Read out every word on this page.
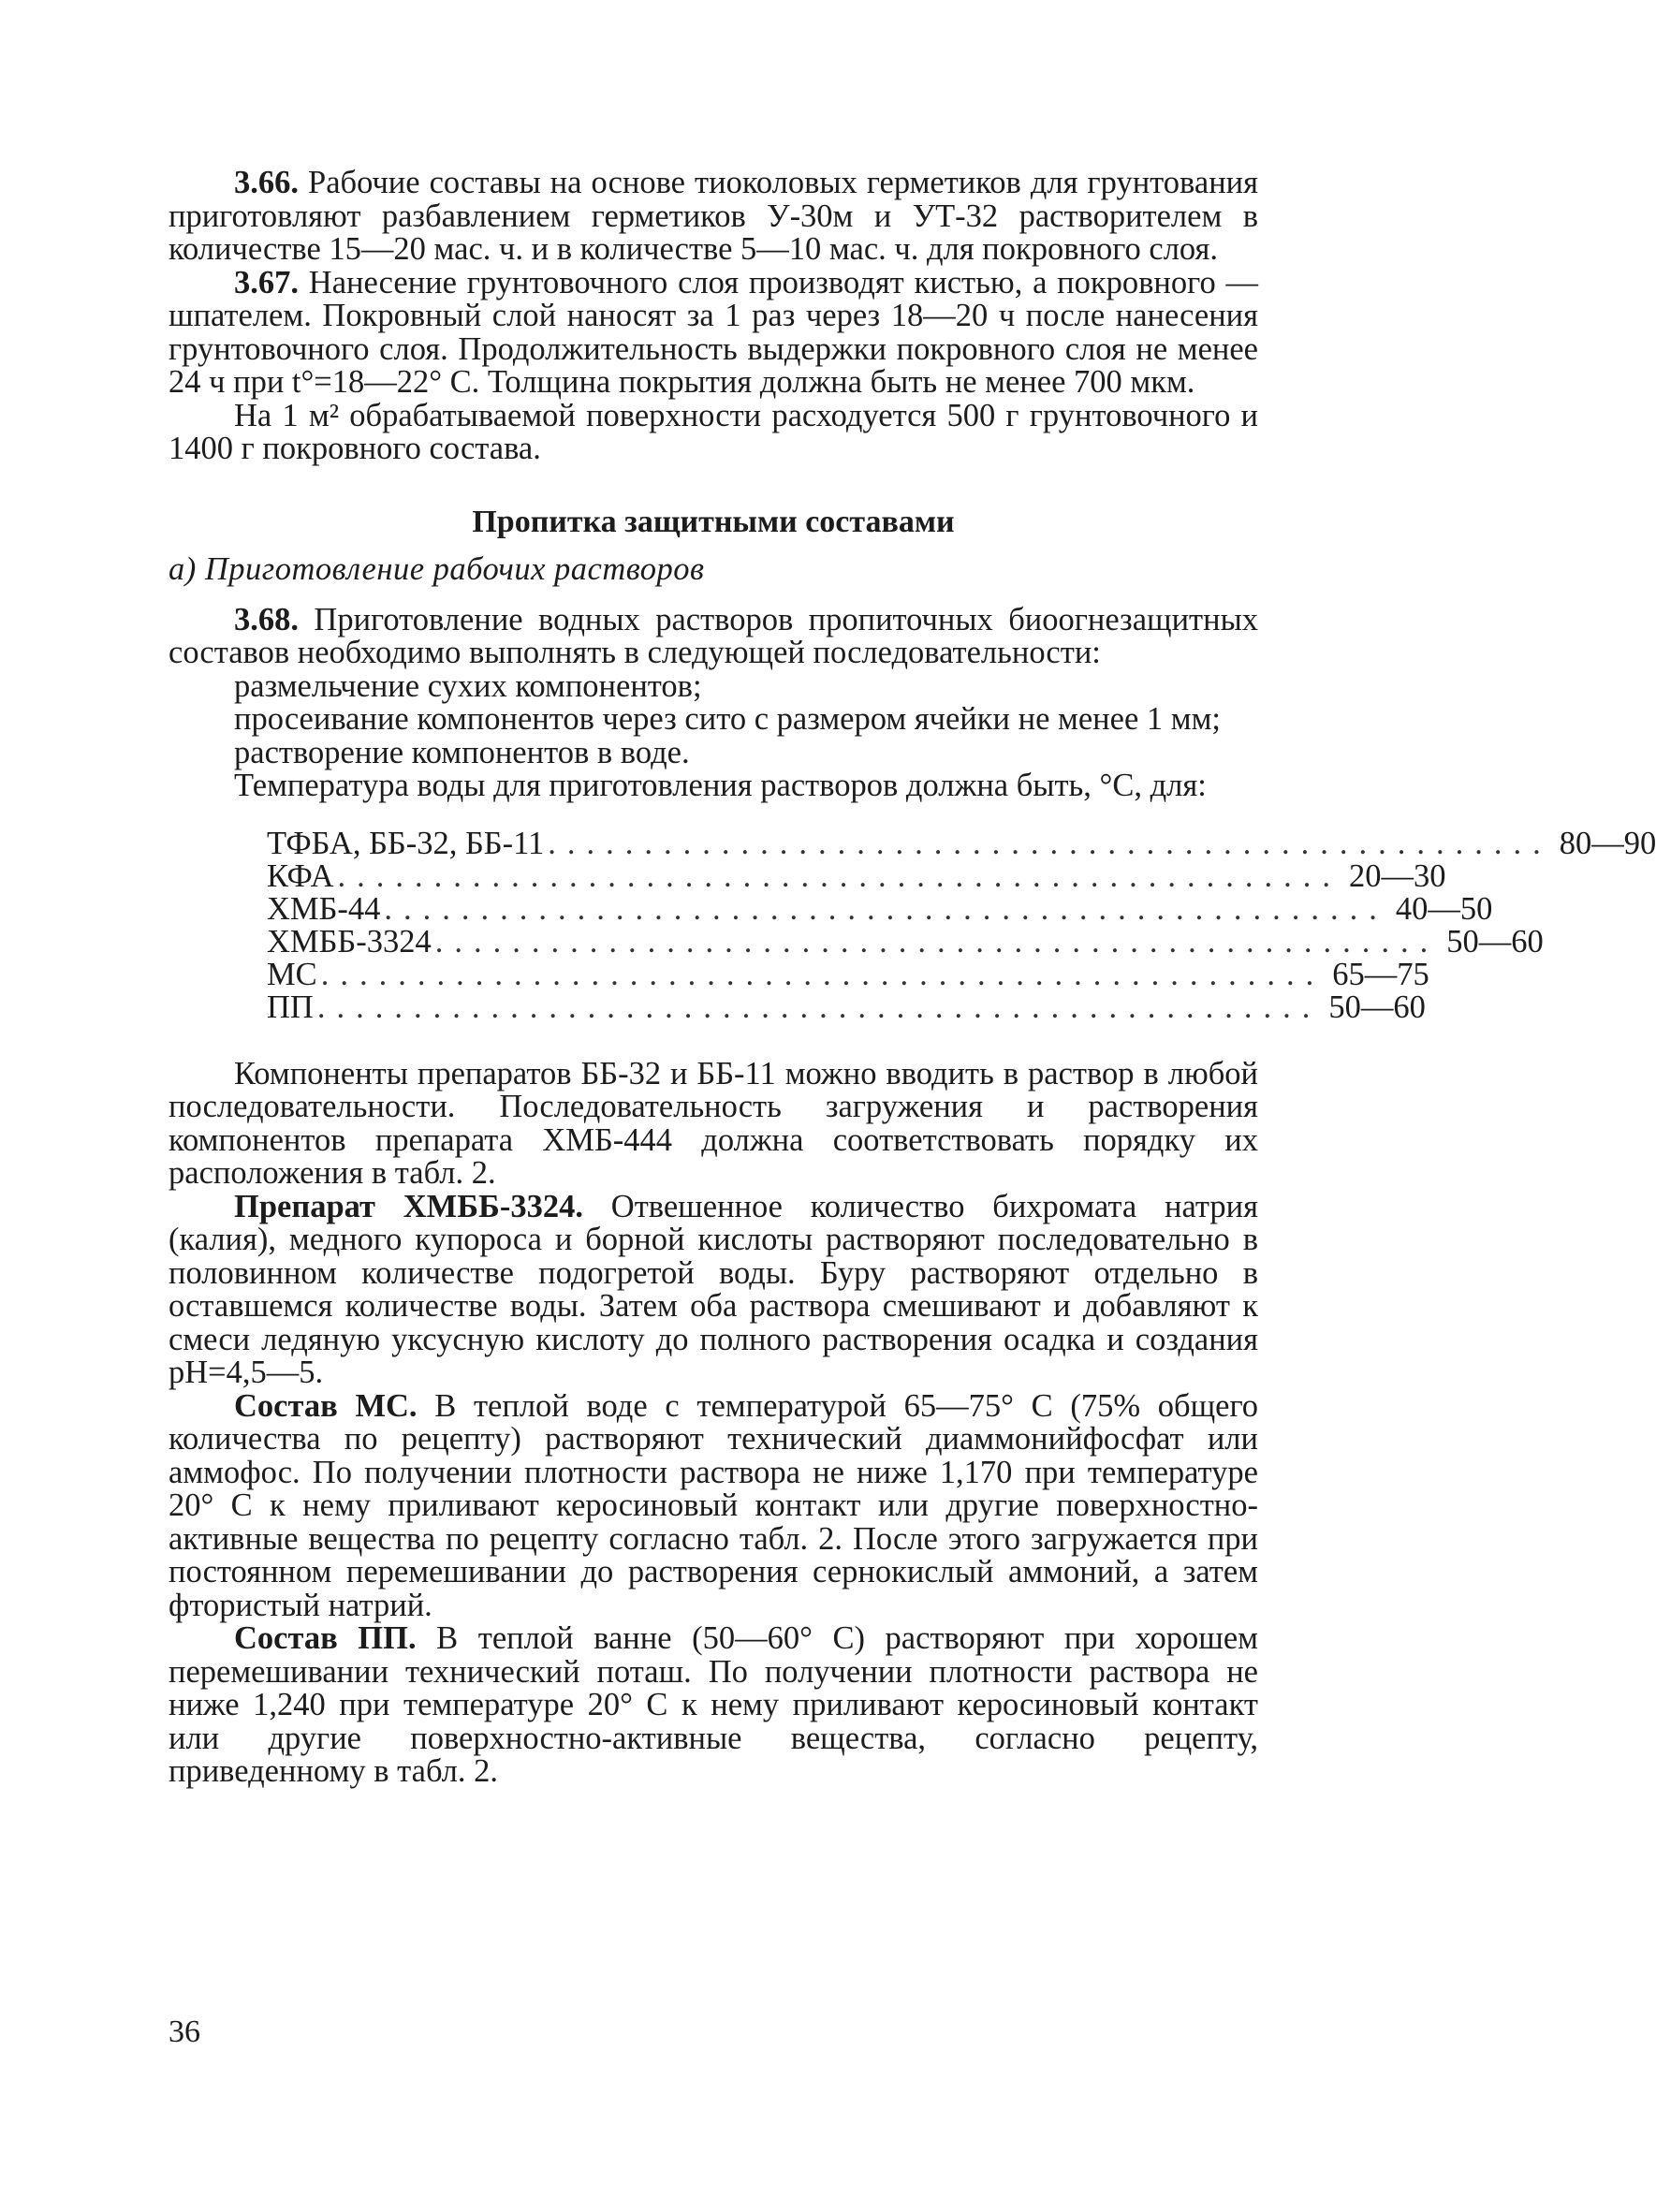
3.66. Рабочие составы на основе тиоколовых герметиков для грунтования приготовляют разбавлением герметиков У-30м и УТ-32 растворителем в количестве 15—20 мас. ч. и в количестве 5—10 мас. ч. для покровного слоя.

3.67. Нанесение грунтовочного слоя производят кистью, а покровного — шпателем. Покровный слой наносят за 1 раз через 18—20 ч после нанесения грунтовочного слоя. Продолжительность выдержки покровного слоя не менее 24 ч при t°=18—22° C. Толщина покрытия должна быть не менее 700 мкм.

На 1 м² обрабатываемой поверхности расходуется 500 г грунтовочного и 1400 г покровного состава.

Пропитка защитными составами

а) Приготовление рабочих растворов

3.68. Приготовление водных растворов пропиточных биоогнезащитных составов необходимо выполнять в следующей последовательности:

размельчение сухих компонентов;

просеивание компонентов через сито с размером ячейки не менее 1 мм;

растворение компонентов в воде.

Температура воды для приготовления растворов должна быть, °С, для:

ТФБА, ББ-32, ББ-11 .................................................... 80—90
КФА .................................................... 20—30
ХМБ-44 .................................................... 40—50
ХМББ-3324 .................................................... 50—60
МС .................................................... 65—75
ПП .................................................... 50—60

Компоненты препаратов ББ-32 и ББ-11 можно вводить в раствор в любой последовательности. Последовательность загружения и растворения компонентов препарата ХМБ-444 должна соответствовать порядку их расположения в табл. 2.

Препарат ХМББ-3324. Отвешенное количество бихромата натрия (калия), медного купороса и борной кислоты растворяют последовательно в половинном количестве подогретой воды. Буру растворяют отдельно в оставшемся количестве воды. Затем оба раствора смешивают и добавляют к смеси ледяную уксусную кислоту до полного растворения осадка и создания pH=4,5—5.

Состав МС. В теплой воде с температурой 65—75° C (75% общего количества по рецепту) растворяют технический диаммонийфосфат или аммофос. По получении плотности раствора не ниже 1,170 при температуре 20° C к нему приливают керосиновый контакт или другие поверхностно-активные вещества по рецепту согласно табл. 2. После этого загружается при постоянном перемешивании до растворения сернокислый аммоний, а затем фтористый натрий.

Состав ПП. В теплой ванне (50—60° C) растворяют при хорошем перемешивании технический поташ. По получении плотности раствора не ниже 1,240 при температуре 20° C к нему приливают керосиновый контакт или другие поверхностно-активные вещества, согласно рецепту, приведенному в табл. 2.

36
